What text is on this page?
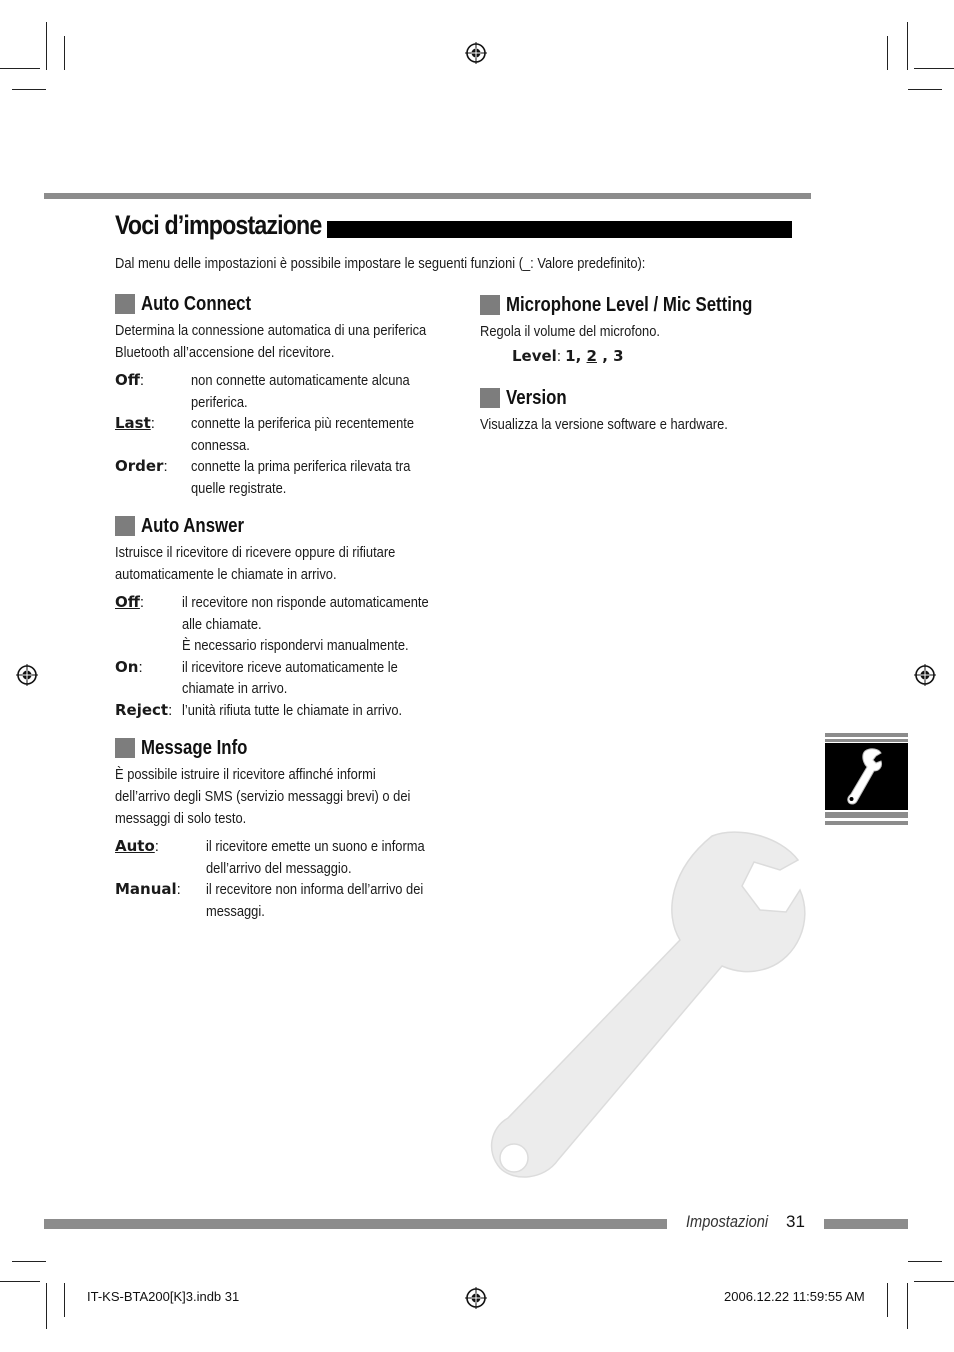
Voci d’impostazione
Dal menu delle impostazioni è possibile impostare le seguenti funzioni (_: Valore predefinito):
Auto Connect
Determina la connessione automatica di una periferica
Bluetooth all’accensione del ricevitore.
Off:	non connette automaticamente alcuna
periferica.
Last: connette la periferica più recentemente
connessa.
Order: connette la prima periferica rilevata tra
quelle registrate.
Auto Answer
Istruisce il ricevitore di ricevere oppure di rifiutare
automaticamente le chiamate in arrivo.
Off:	il recevitore non risponde automaticamente
alle chiamate.
È necessario rispondervi manualmente.
On:	il ricevitore riceve automaticamente le
chiamate in arrivo.
Reject: l’unità rifiuta tutte le chiamate in arrivo.
Message Info
È possibile istruire il ricevitore affinché informi
dell’arrivo degli SMS (servizio messaggi brevi) o dei
messaggi di solo testo.
Auto:	il ricevitore emette un suono e informa
dell’arrivo del messaggio.
Manual: il recevitore non informa dell’arrivo dei
messaggi.
Microphone Level / Mic Setting
Regola il volume del microfono.
Level: 1, 2 , 3
Version
Visualizza la versione software e hardware.
Impostazioni 31
IT-KS-BTA200[K]3.indb 31	2006.12.22 11:59:55 AM
